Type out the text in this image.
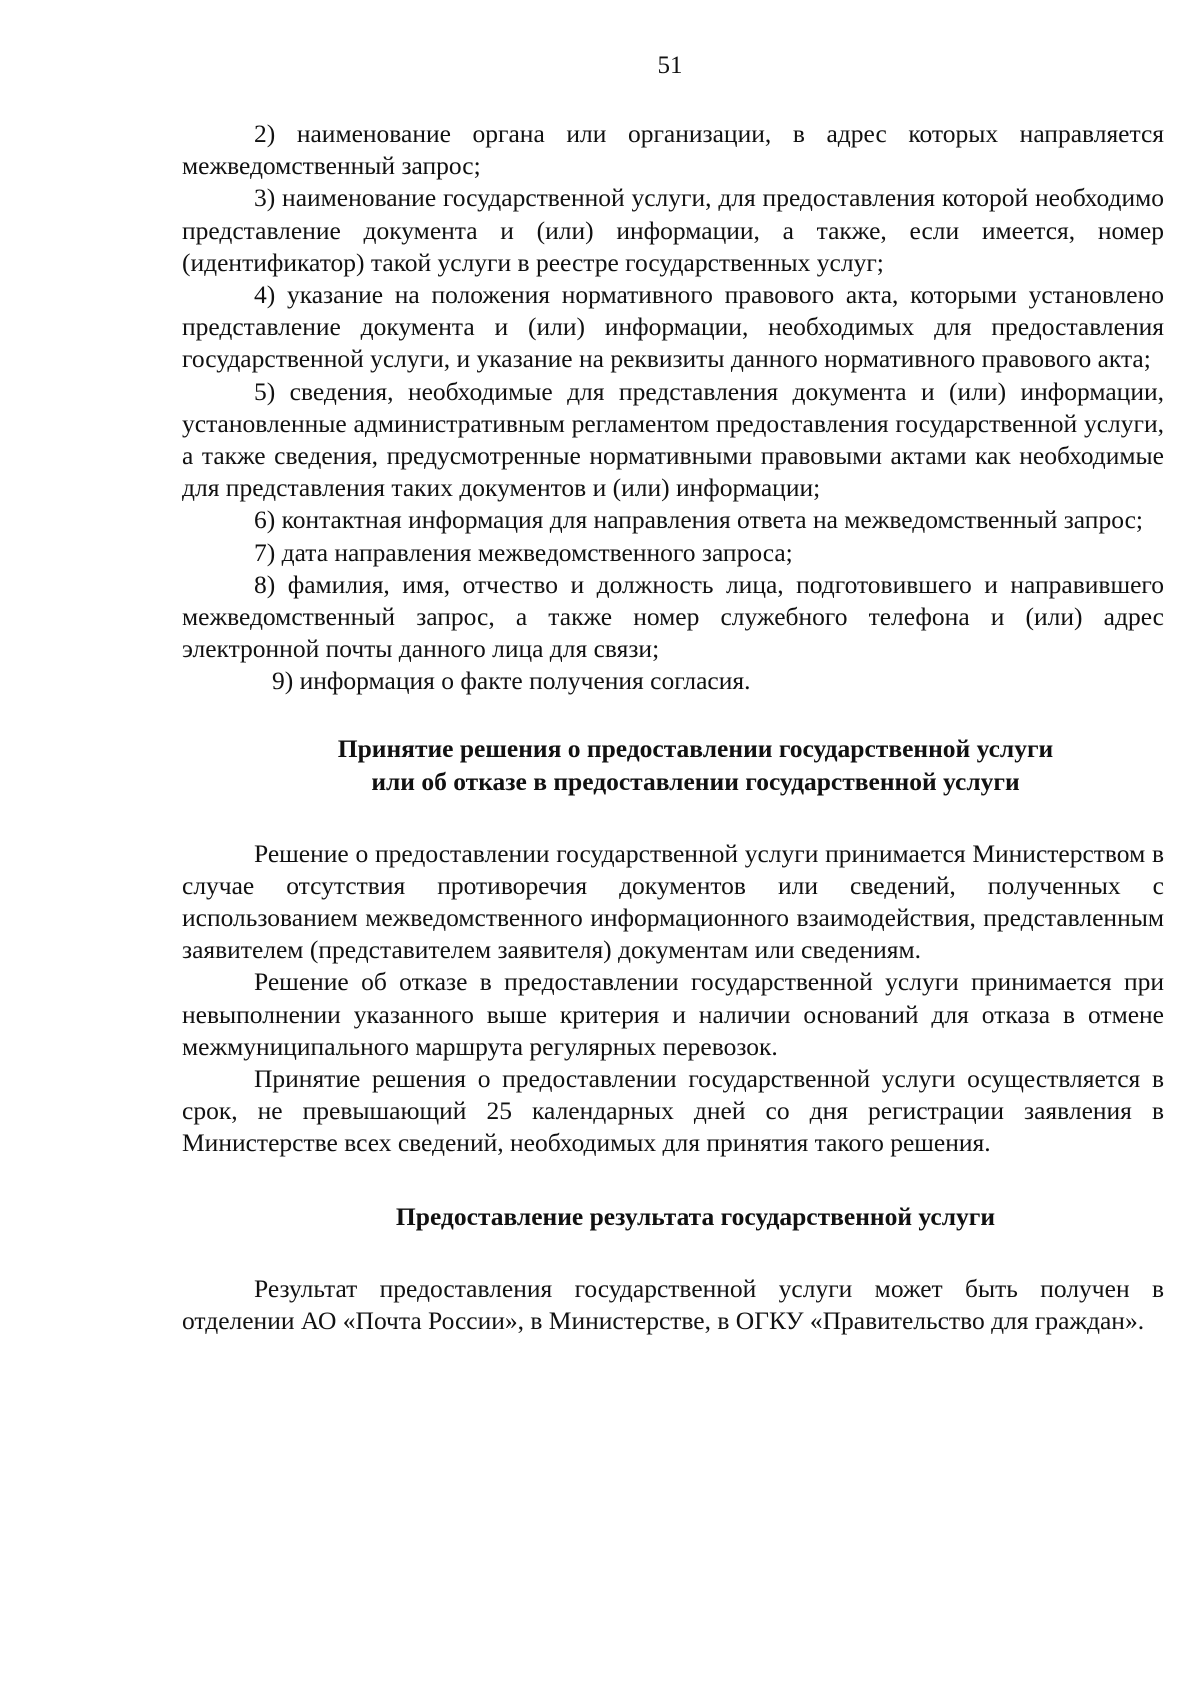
51

2) наименование органа или организации, в адрес которых направляется межведомственный запрос;

3) наименование государственной услуги, для предоставления которой необходимо представление документа и (или) информации, а также, если имеется, номер (идентификатор) такой услуги в реестре государственных услуг;

4) указание на положения нормативного правового акта, которыми установлено представление документа и (или) информации, необходимых для предоставления государственной услуги, и указание на реквизиты данного нормативного правового акта;

5) сведения, необходимые для представления документа и (или) информации, установленные административным регламентом предоставления государственной услуги, а также сведения, предусмотренные нормативными правовыми актами как необходимые для представления таких документов и (или) информации;

6) контактная информация для направления ответа на межведомственный запрос;

7) дата направления межведомственного запроса;

8) фамилия, имя, отчество и должность лица, подготовившего и направившего межведомственный запрос, а также номер служебного телефона и (или) адрес электронной почты данного лица для связи;

9) информация о факте получения согласия.

Принятие решения о предоставлении государственной услуги
или об отказе в предоставлении государственной услуги

Решение о предоставлении государственной услуги принимается Министерством в случае отсутствия противоречия документов или сведений, полученных с использованием межведомственного информационного взаимодействия, представленным заявителем (представителем заявителя) документам или сведениям.

Решение об отказе в предоставлении государственной услуги принимается при невыполнении указанного выше критерия и наличии оснований для отказа в отмене межмуниципального маршрута регулярных перевозок.

Принятие решения о предоставлении государственной услуги осуществляется в срок, не превышающий 25 календарных дней со дня регистрации заявления в Министерстве всех сведений, необходимых для принятия такого решения.

Предоставление результата государственной услуги

Результат предоставления государственной услуги может быть получен в отделении АО «Почта России», в Министерстве, в ОГКУ «Правительство для граждан».
